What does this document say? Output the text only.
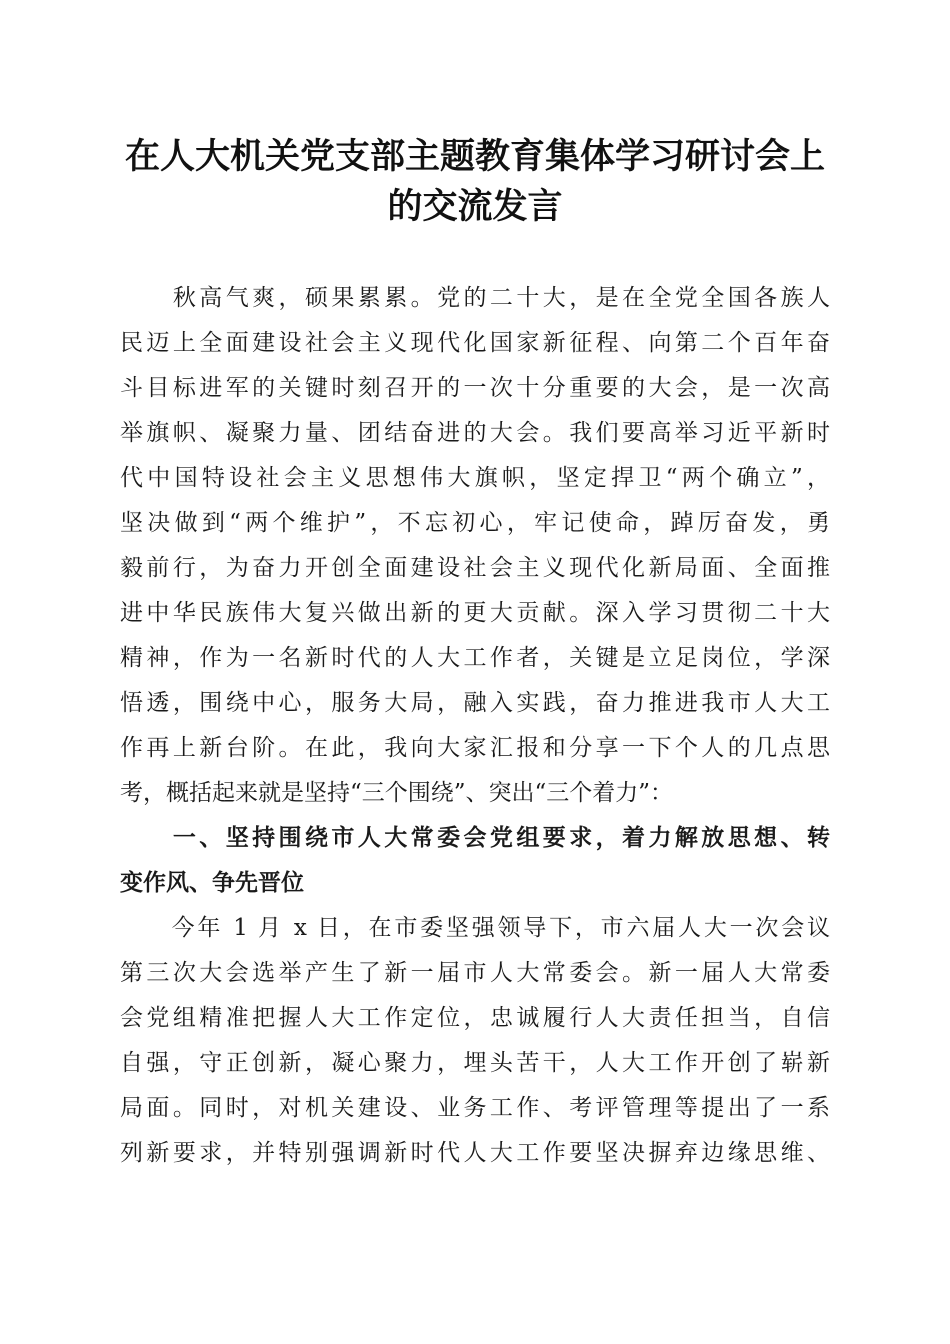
在人大机关党支部主题教育集体学习研讨会上
的交流发言
　　秋高气爽，硕果累累。党的二十大，是在全党全国各族人
民迈上全面建设社会主义现代化国家新征程、向第二个百年奋
斗目标进军的关键时刻召开的一次十分重要的大会，是一次高
举旗帜、凝聚力量、团结奋进的大会。我们要高举习近平新时
代中国特设社会主义思想伟大旗帜，坚定捍卫“两个确立”，
坚决做到“两个维护”，不忘初心，牢记使命，踔厉奋发，勇
毅前行，为奋力开创全面建设社会主义现代化新局面、全面推
进中华民族伟大复兴做出新的更大贡献。深入学习贯彻二十大
精神，作为一名新时代的人大工作者，关键是立足岗位，学深
悟透，围绕中心，服务大局，融入实践，奋力推进我市人大工
作再上新台阶。在此，我向大家汇报和分享一下个人的几点思
考，概括起来就是坚持“三个围绕”、突出“三个着力”：
　　一、坚持围绕市人大常委会党组要求，着力解放思想、转
变作风、争先晋位
　　今年 1 月 x 日，在市委坚强领导下，市六届人大一次会议
第三次大会选举产生了新一届市人大常委会。新一届人大常委
会党组精准把握人大工作定位，忠诚履行人大责任担当，自信
自强，守正创新，凝心聚力，埋头苦干，人大工作开创了崭新
局面。同时，对机关建设、业务工作、考评管理等提出了一系
列新要求，并特别强调新时代人大工作要坚决摒弃边缘思维、
